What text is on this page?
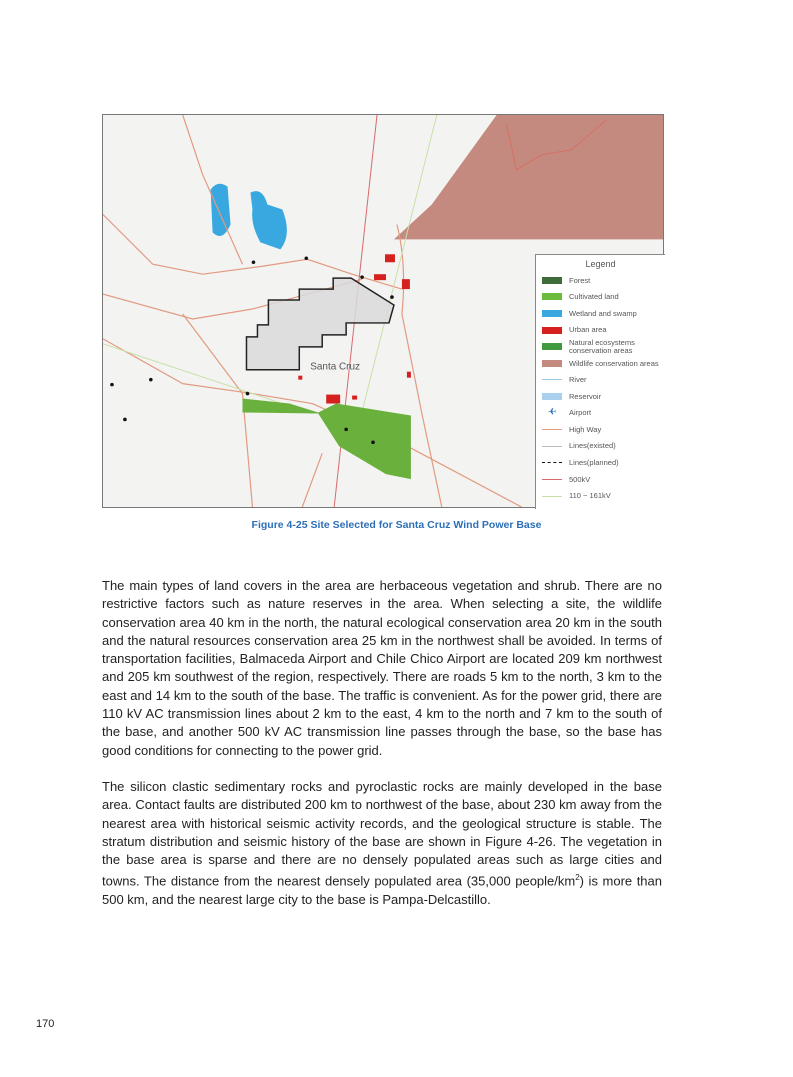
Santa Cruz
Legend
Forest
Cultivated land
Wetland and swamp
Urban area
Natural ecosystems conservation areas
Wildlife conservation areas
River
Reservoir
✈	Airport
High Way
Lines(existed)
Lines(planned)
500kV
110 ~ 161kV
Figure 4-25 Site Selected for Santa Cruz Wind Power Base

The main types of land covers in the area are herbaceous vegetation and shrub. There are no restrictive factors such as nature reserves in the area. When selecting a site, the wildlife conservation area 40 km in the north, the natural ecological conservation area 20 km in the south and the natural resources conservation area 25 km in the northwest shall be avoided. In terms of transportation facilities, Balmaceda Airport and Chile Chico Airport are located 209 km northwest and 205 km southwest of the region, respectively. There are roads 5 km to the north, 3 km to the east and 14 km to the south of the base. The traffic is convenient. As for the power grid, there are 110 kV AC transmission lines about 2 km to the east, 4 km to the north and 7 km to the south of the base, and another 500 kV AC transmission line passes through the base, so the base has good conditions for connecting to the power grid.

The silicon clastic sedimentary rocks and pyroclastic rocks are mainly developed in the base area. Contact faults are distributed 200 km to northwest of the base, about 230 km away from the nearest area with historical seismic activity records, and the geological structure is stable. The stratum distribution and seismic history of the base are shown in Figure 4-26. The vegetation in the base area is sparse and there are no densely populated areas such as large cities and towns. The distance from the nearest densely populated area (35,000 people/$km^2$) is more than 500 km, and the nearest large city to the base is Pampa-Delcastillo.

170
